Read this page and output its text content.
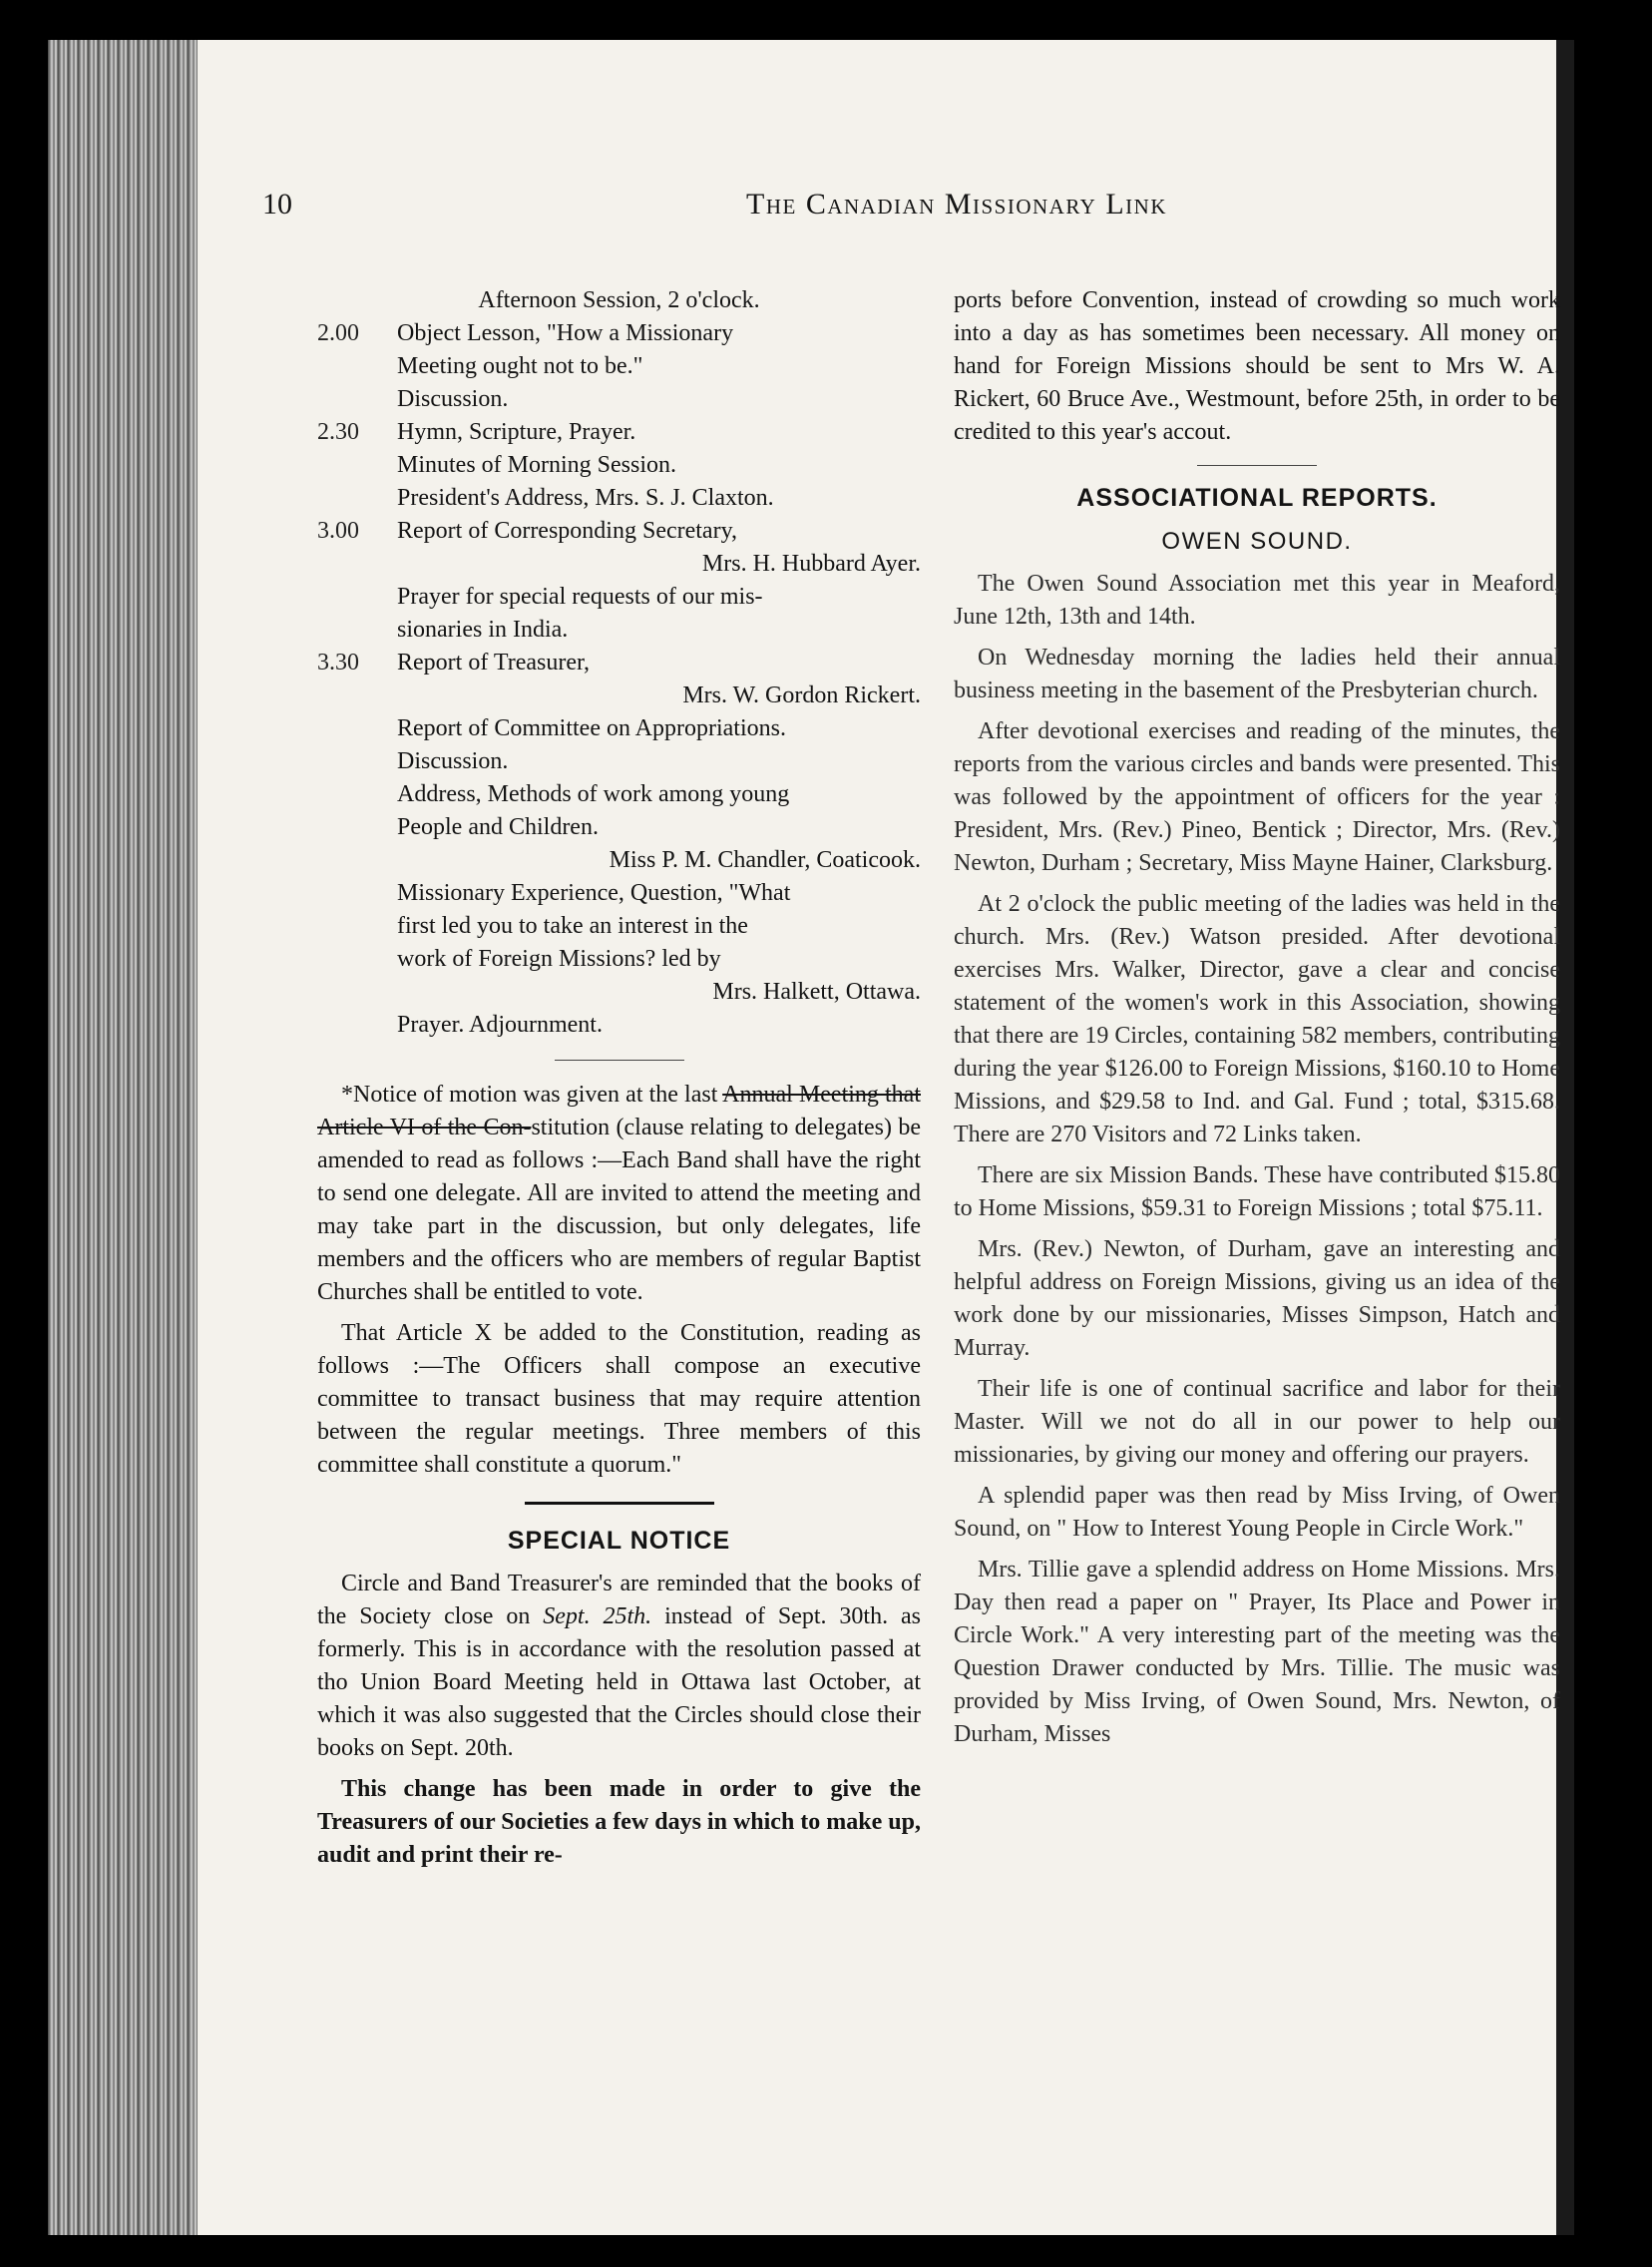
10	The Canadian Missionary Link
Afternoon Session, 2 o'clock.
2.00	Object Lesson, "How a Missionary
Meeting ought not to be."
Discussion.
2.30	Hymn, Scripture, Prayer.
Minutes of Morning Session.
President's Address, Mrs. S. J. Claxton.
3.00	Report of Corresponding Secretary,
Mrs. H. Hubbard Ayer.
Prayer for special requests of our mis-
sionaries in India.
3.30	Report of Treasurer,
Mrs. W. Gordon Rickert.
Report of Committee on Appropriations.
Discussion.
Address, Methods of work among young
People and Children.
Miss P. M. Chandler, Coaticook.
Missionary Experience, Question, "What
first led you to take an interest in the
work of Foreign Missions? led by
Mrs. Halkett, Ottawa.
Prayer. Adjournment.

*Notice of motion was given at the last Annual Meeting that Article VI of the Con-stitution (clause relating to delegates) be amended to read as follows :—Each Band shall have the right to send one delegate. All are invited to attend the meeting and may take part in the discussion, but only delegates, life members and the officers who are members of regular Baptist Churches shall be entitled to vote.

That Article X be added to the Constitution, reading as follows :—The Officers shall compose an executive committee to transact business that may require attention between the regular meetings. Three members of this committee shall constitute a quorum."

SPECIAL NOTICE

Circle and Band Treasurer's are reminded that the books of the Society close on Sept. 25th. instead of Sept. 30th. as formerly. This is in accordance with the resolution passed at tho Union Board Meeting held in Ottawa last October, at which it was also suggested that the Circles should close their books on Sept. 20th.

This change has been made in order to give the Treasurers of our Societies a few days in which to make up, audit and print their re-

ports before Convention, instead of crowding so much work into a day as has sometimes been necessary. All money on hand for Foreign Missions should be sent to Mrs W. A. Rickert, 60 Bruce Ave., Westmount, before 25th, in order to be credited to this year's accout.

ASSOCIATIONAL REPORTS.
OWEN SOUND.

The Owen Sound Association met this year in Meaford, June 12th, 13th and 14th.

On Wednesday morning the ladies held their annual business meeting in the basement of the Presbyterian church.

After devotional exercises and reading of the minutes, the reports from the various circles and bands were presented. This was followed by the appointment of officers for the year : President, Mrs. (Rev.) Pineo, Bentick ; Director, Mrs. (Rev.) Newton, Durham ; Secretary, Miss Mayne Hainer, Clarksburg.

At 2 o'clock the public meeting of the ladies was held in the church. Mrs. (Rev.) Watson presided. After devotional exercises Mrs. Walker, Director, gave a clear and concise statement of the women's work in this Association, showing that there are 19 Circles, containing 582 members, contributing during the year $126.00 to Foreign Missions, $160.10 to Home Missions, and $29.58 to Ind. and Gal. Fund ; total, $315.68. There are 270 Visitors and 72 Links taken.

There are six Mission Bands. These have contributed $15.80 to Home Missions, $59.31 to Foreign Missions ; total $75.11.

Mrs. (Rev.) Newton, of Durham, gave an interesting and helpful address on Foreign Missions, giving us an idea of the work done by our missionaries, Misses Simpson, Hatch and Murray.

Their life is one of continual sacrifice and labor for their Master. Will we not do all in our power to help our missionaries, by giving our money and offering our prayers.

A splendid paper was then read by Miss Irving, of Owen Sound, on " How to Interest Young People in Circle Work."

Mrs. Tillie gave a splendid address on Home Missions. Mrs. Day then read a paper on " Prayer, Its Place and Power in Circle Work." A very interesting part of the meeting was the Question Drawer conducted by Mrs. Tillie. The music was provided by Miss Irving, of Owen Sound, Mrs. Newton, of Durham, Misses
